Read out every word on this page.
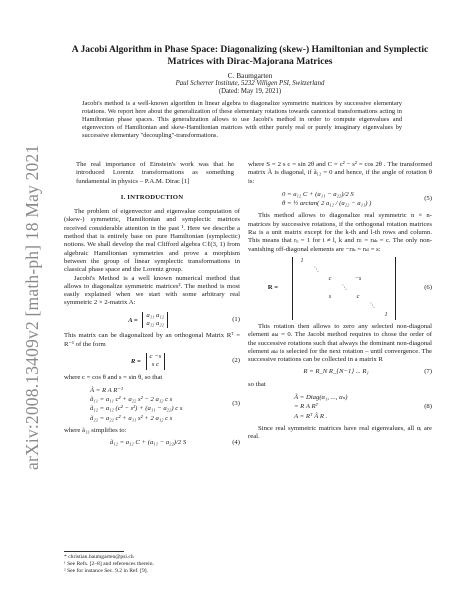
arXiv:2008.13409v2 [math-ph] 18 May 2021
A Jacobi Algorithm in Phase Space: Diagonalizing (skew-) Hamiltonian and Symplectic Matrices with Dirac-Majorana Matrices
C. Baumgarten
Paul Scherrer Institute, 5232 Villigen PSI, Switzerland
(Dated: May 19, 2021)
Jacobi's method is a well-known algorithm in linear algebra to diagonalize symmetric matrices by successive elementary rotations. We report here about the generalization of these elementary rotations towards canonical transformations acting in Hamiltonian phase spaces. This generalization allows to use Jacobi's method in order to compute eigenvalues and eigenvectors of Hamiltonian and skew-Hamiltonian matrices with either purely real or purely imaginary eigenvalues by successive elementary "decoupling"-transformations.

The real importance of Einstein's work was that he introduced Lorentz transformations as something fundamental in physics – P.A.M. Dirac [1]

I. INTRODUCTION

The problem of eigenvector and eigenvalue computation of (skew-) symmetric, Hamiltonian and symplectic matrices received considerable attention in the past ¹. Here we describe a method that is entirely base on pure Hamiltonian (symplectic) notions. We shall develop the real Clifford algebra Cℓ(3, 1) from algebraic Hamiltonian symmetries and prove a morphism between the group of linear symplectic transformations in classical phase space and the Lorentz group.

Jacobi's Method is a well known numerical method that allows to diagonalize symmetric matrices². The method is most easily explained when we start with some arbitrary real symmetric 2 × 2-matrix A:

A =
a₁₁ a₁₂
a₁₂ a₂₂
(1)

This matrix can be diagonalized by an orthogonal Matrix Rᵀ = R⁻¹ of the form

R =
c −s
s c
(2)

where c = cos θ and s = sin θ, so that

Ã = R A R⁻¹
ã₁₁ = a₁₁ c² + a₂₂ s² − 2 a₁₂ c s
ã₁₂ = a₁₂ (c² − s²) + (a₁₁ − a₂₂) c s
ã₂₂ = a₂₂ c² + a₁₁ s² + 2 a₁₂ c s
(3)

where ã₁₂ simplifies to:

ã₁₂ = a₁₂ C + (a₁₁ − a₂₂)/2 S	(4)
* christian.baumgarten@psi.ch
¹ See Refs. [2–8] and references therein.
² See for instance Sec. 9.2 in Ref. [9].

where S = 2 s c = sin 2θ and C = c² − s² = cos 2θ . The transformed matrix Ã is diagonal, if ã₁₂ = 0 and hence, if the angle of rotation θ is:

0 = a₁₂ C + (a₁₁ − a₂₂)/2 S
θ = ½ arctan( 2 a₁₂ / (a₂₂ − a₁₁) )
(5)

This method allows to diagonalize real symmetric n × n-matrices by successive rotations, if the orthogonal rotation matrices Rₖₗ is a unit matrix except for the k-th and l-th rows and column. This means that rᵢᵢ = 1 for i ≠ l, k and rₗₗ = rₖₖ = c. The only non-vanishing off-diagonal elements are −rₗₖ = rₖₗ = s:

R =
1
⋱
c	−s
⋱
s	c
⋱
1
(6)

This rotation then allows to zero any selected non-diagonal element aₖₗ = 0. The Jacobi method requires to chose the order of the successive rotations such that always the dominant non-diagonal element aₖₗ is selected for the next rotation – until convergence. The successive rotations can be collected in a matrix R

R = R_N R_{N−1} ... R₁	(7)

so that

Ã = Diag(α₁, ..., αₙ)
= R A Rᵀ
A = Rᵀ Ã R .
(8)

Since real symmetric matrices have real eigenvalues, all αᵢ are real.
